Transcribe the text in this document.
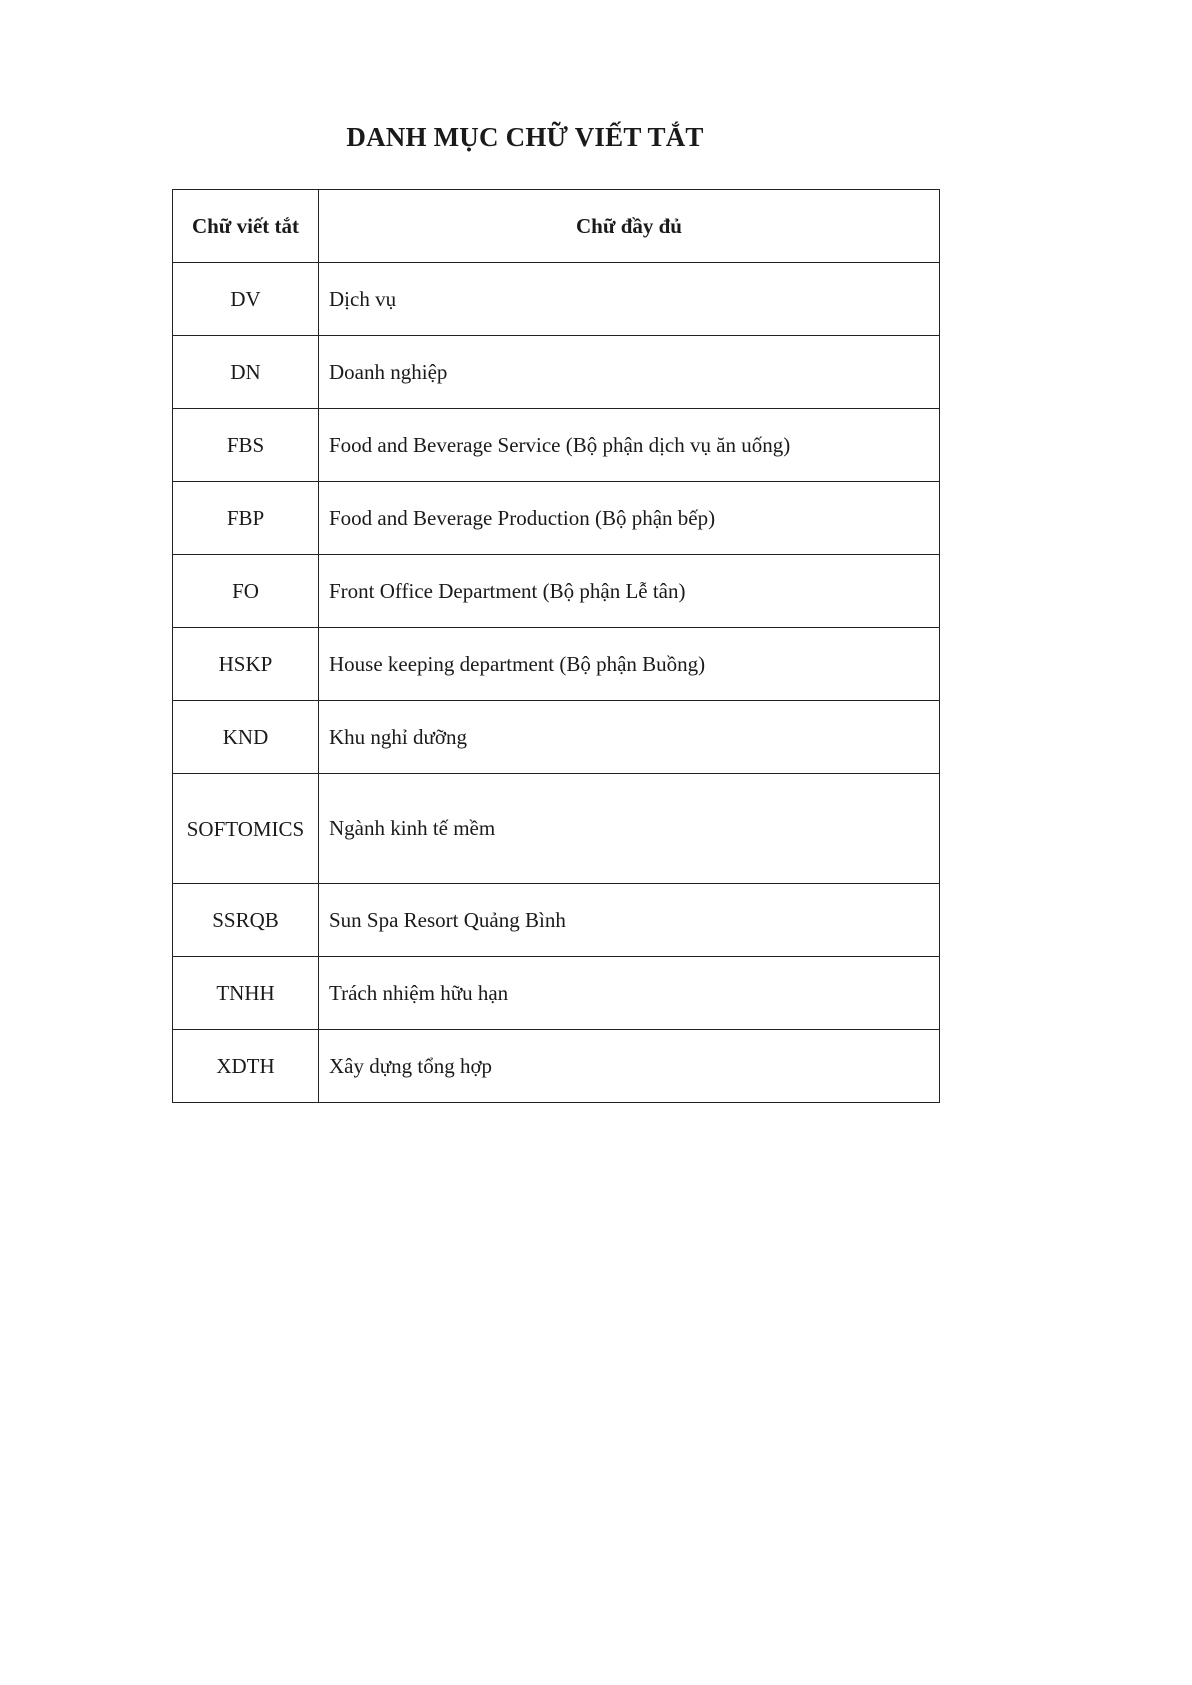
DANH MỤC CHỮ VIẾT TẮT
Chữ viết tắt	Chữ đầy đủ
DV	Dịch vụ
DN	Doanh nghiệp
FBS	Food and Beverage Service (Bộ phận dịch vụ ăn uống)
FBP	Food and Beverage Production (Bộ phận bếp)
FO	Front Office Department (Bộ phận Lễ tân)
HSKP	House keeping department (Bộ phận Buồng)
KND	Khu nghỉ dưỡng
SOFTOMICS	Ngành kinh tế mềm
SSRQB	Sun Spa Resort Quảng Bình
TNHH	Trách nhiệm hữu hạn
XDTH	Xây dựng tổng hợp
